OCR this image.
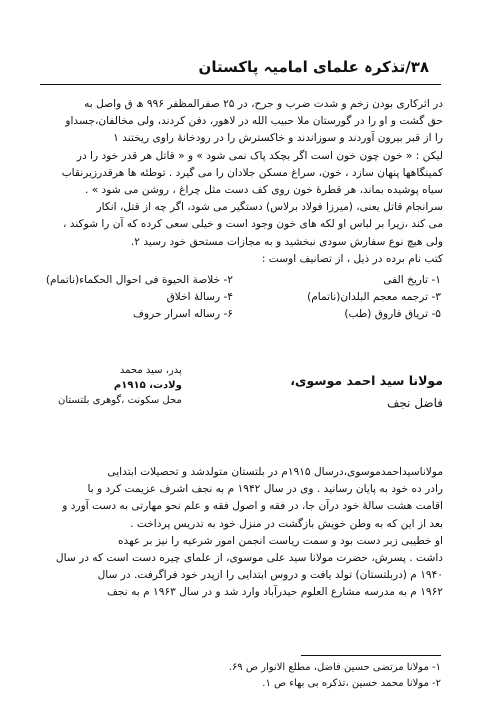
۳۸/تذکرہ علمای امامیہ پاکستان

در اثرکاری بودن زخم و شدت ضرب و جرح، در ۲۵ صفرالمظفر ۹۹۶ ھ ق واصل به

حق گشت و او را در گورستان ملا حبیب الله در لاھور، دفن کردند، ولی مخالفان،جسداو

را از قبر بیرون آوردند و سوزاندند و خاکسترش را در رودخانهٔ راوی ریختند ۱

لیکن : « خون چون خون است اگر بچکد پاک نمی شود » و « قاتل هر قدر خود را در

کمینگاهها پنهان سازد ، خون، سراغ مسکن جلادان را می گیرد . توطئه ها هرقدرزیرنقاب

سیاه پوشیده بماند، هر قطرهٔ خون روی کف دست مثل چراغ ، روشن می شود » .

سرانجام قاتل یعنی، (میرزا فولاد برلاس) دستگیر می شود، اگر چه از قتل، انکار

می کند ،زیرا بر لباس او لکه های خون وجود است و خیلی سعی کرده که آن را شوکند ،

ولی هیچ نوع سفارش سودی نبخشید و به مجازات مستحق خود رسید ۲.

کتب نام برده در ذیل ، از تصانیف اوست :

۱- تاریخ الفی
۲- خلاصة الحیوة فی احوال الحکماء(ناتمام)
۳- ترجمه معجم البلدان(ناتمام)
۴- رسالهٔ اخلاق
۵- تریاق فاروق (طب)
۶- رساله اسرار حروف
مولانا سید احمد موسوی،
فاضل نجف
پدر، سید محمد
ولادت، ۱۹۱۵م
محل سکونت ،گوهری بلتستان

مولاناسیداحمدموسوی،درسال ۱۹۱۵م در بلتستان متولدشد و تحصیلات ابتدایی

رادر ده خود به پایان رسانید . وی در سال ۱۹۴۲ م به نجف اشرف عزیمت کرد و با

اقامت هشت سالهٔ خود درآن جا، در فقه و اصول فقه و علم نحو مهارتی به دست آورد و

بعد از این که به وطن خویش بازگشت در منزل خود به تدریس پرداخت .

او خطیبی زبر دست بود و سمت ریاست انجمن امور شرعیه را نیز بر عهده

داشت . پسرش، حضرت مولانا سید علی موسوی، از علمای چیره دست است که در سال

۱۹۴۰ م (دربلتستان) تولد یافت و دروس ابتدایی را ازپدر خود فراگرفت. در سال

۱۹۶۲ م به مدرسه مشارع العلوم حیدرآباد وارد شد و در سال ۱۹۶۳ م به نجف

۱- مولانا مرتضی حسین فاضل، مطلع الانوار ص ۶۹.
۲- مولانا محمد حسین ،تذکره بی بهاء ص ۱.
